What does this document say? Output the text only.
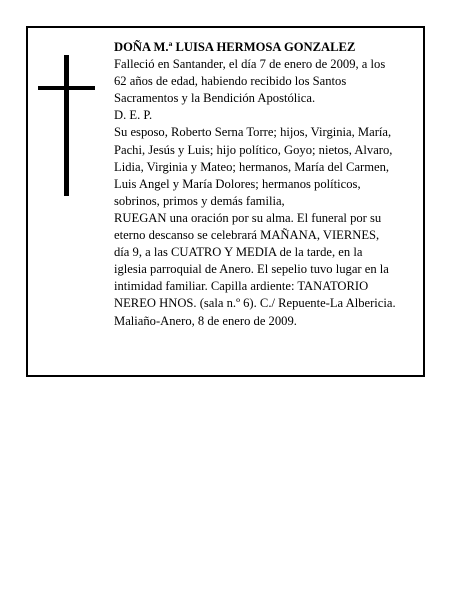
DOÑA M.ª LUISA HERMOSA GONZALEZ
Falleció en Santander, el día 7 de enero de 2009, a los
62 años de edad, habiendo recibido los Santos
Sacramentos y la Bendición Apostólica.
D. E. P.
Su esposo, Roberto Serna Torre; hijos, Virginia, María,
Pachi, Jesús y Luis; hijo político, Goyo; nietos, Alvaro,
Lidia, Virginia y Mateo; hermanos, María del Carmen,
Luis Angel y María Dolores; hermanos políticos,
sobrinos, primos y demás familia,
RUEGAN una oración por su alma. El funeral por su
eterno descanso se celebrará MAÑANA, VIERNES,
día 9, a las CUATRO Y MEDIA de la tarde, en la
iglesia parroquial de Anero. El sepelio tuvo lugar en la
intimidad familiar. Capilla ardiente: TANATORIO
NEREO HNOS. (sala n.º 6). C./ Repuente-La Albericia.
Maliaño-Anero, 8 de enero de 2009.
